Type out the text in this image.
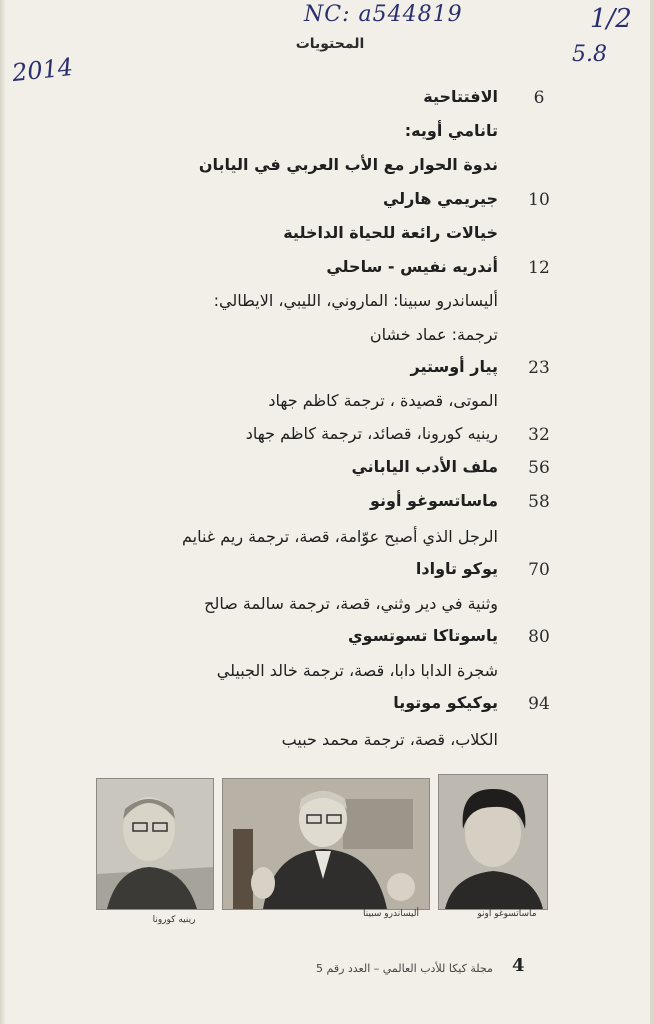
NC: a544819
2014
1/2
5.8
المحتويات
6
الافتتاحية
تانامي أويه:
ندوة الحوار مع الأب العربي في اليابان
10
جيريمي هارلي
خيالات رائعة للحياة الداخلية
12
أندريه نفيس - ساحلي
أليساندرو سبينا: الماروني، الليبي، الايطالي:
ترجمة: عماد خشان
23
پيار أوستير
الموتى، قصيدة ، ترجمة كاظم جهاد
32
رينيه كورونا، قصائد، ترجمة كاظم جهاد
56
ملف الأدب الياباني
58
ماساتسوغو أونو
الرجل الذي أصبح عوّامة، قصة، ترجمة ريم غنايم
70
يوكو تاوادا
وثنية في دير وثني، قصة، ترجمة سالمة صالح
80
ياسوتاكا تسوتسوي
شجرة الدابا دابا، قصة، ترجمة خالد الجبيلي
94
يوكيكو موتويا
الكلاب، قصة، ترجمة محمد حبيب
رينيه كورونا
أليساندرو سبينا	ماساتسوغو أونو
مجلة كيكا للأدب العالمي – العدد رقم 5	4
